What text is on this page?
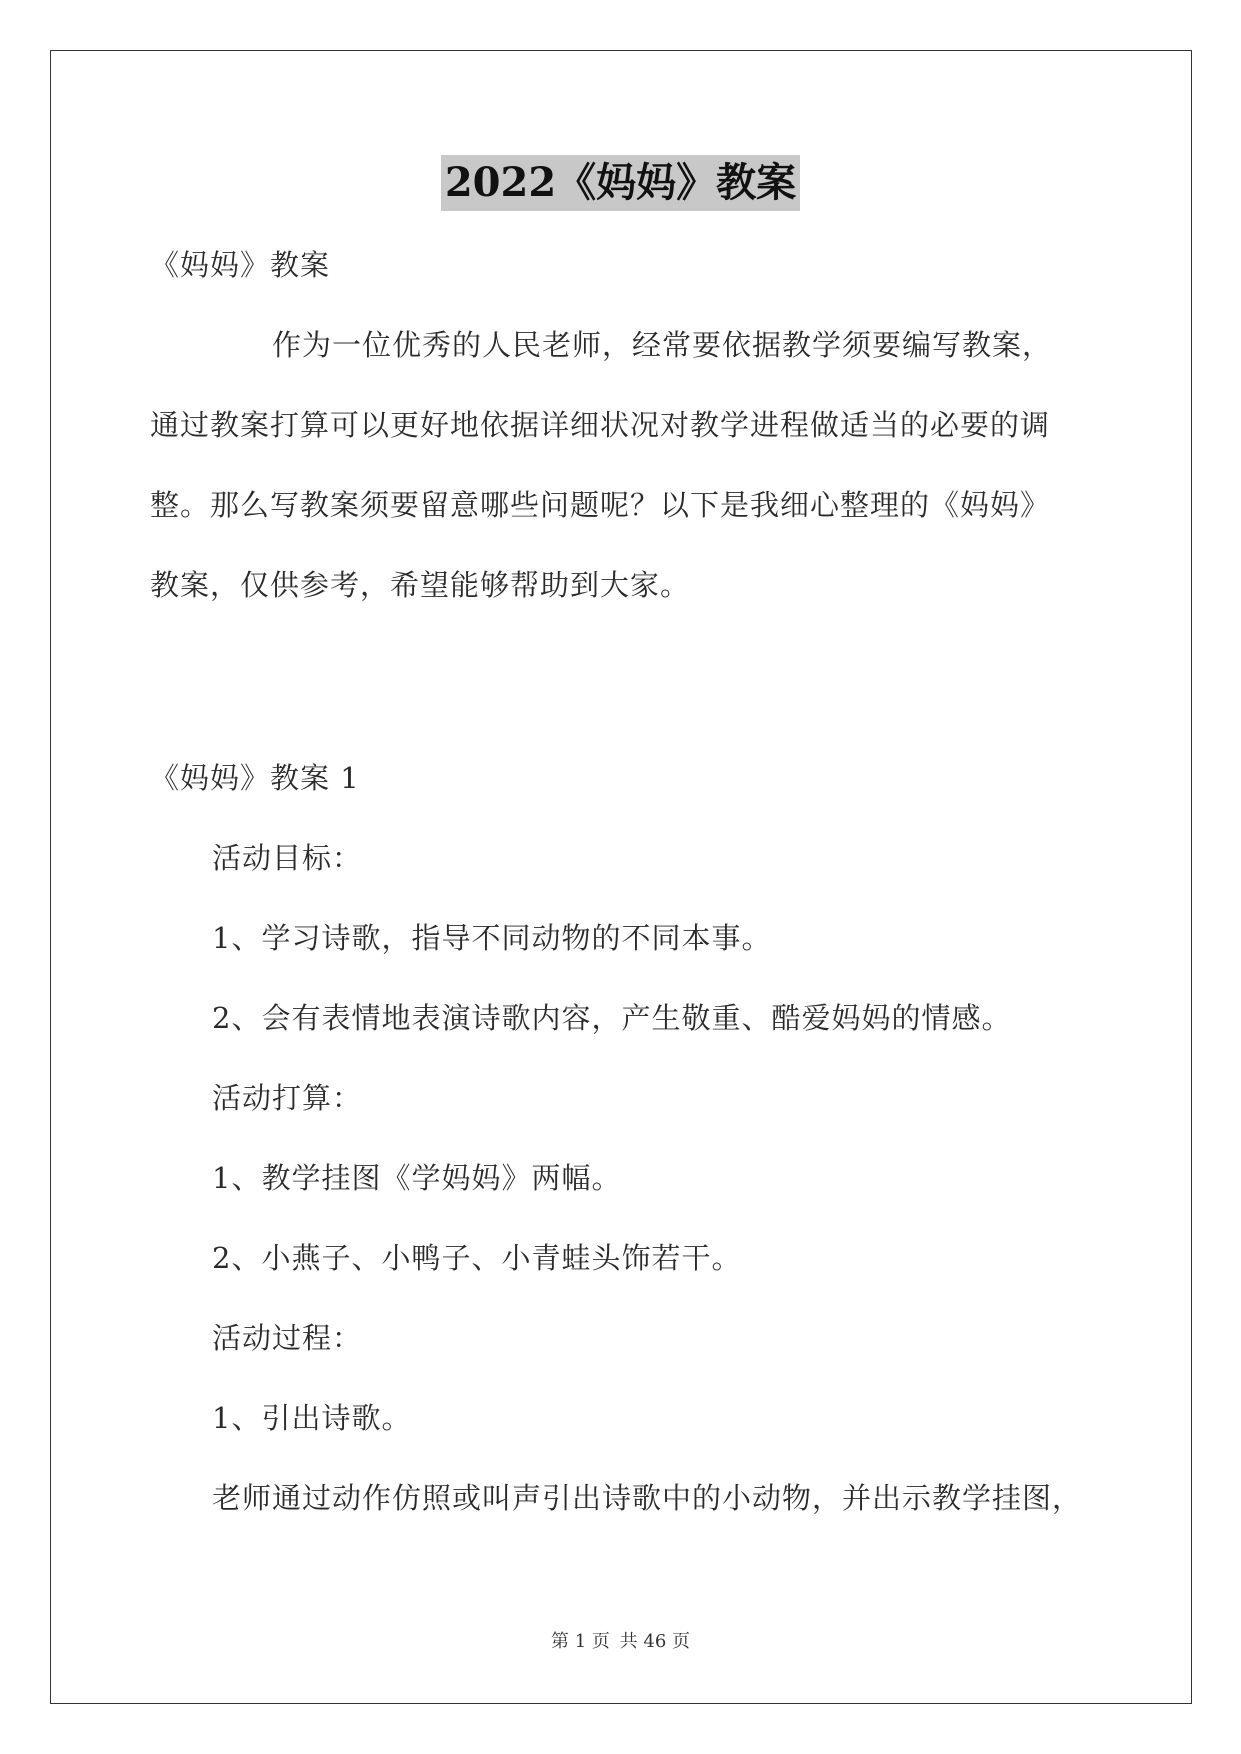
2022《妈妈》教案
《妈妈》教案
作为一位优秀的人民老师，经常要依据教学须要编写教案，
通过教案打算可以更好地依据详细状况对教学进程做适当的必要的调
整。那么写教案须要留意哪些问题呢？以下是我细心整理的《妈妈》
教案，仅供参考，希望能够帮助到大家。
《妈妈》教案 1
活动目标：
1、学习诗歌，指导不同动物的不同本事。
2、会有表情地表演诗歌内容，产生敬重、酷爱妈妈的情感。
活动打算：
1、教学挂图《学妈妈》两幅。
2、小燕子、小鸭子、小青蛙头饰若干。
活动过程：
1、引出诗歌。
老师通过动作仿照或叫声引出诗歌中的小动物，并出示教学挂图，
第 1 页 共 46 页
